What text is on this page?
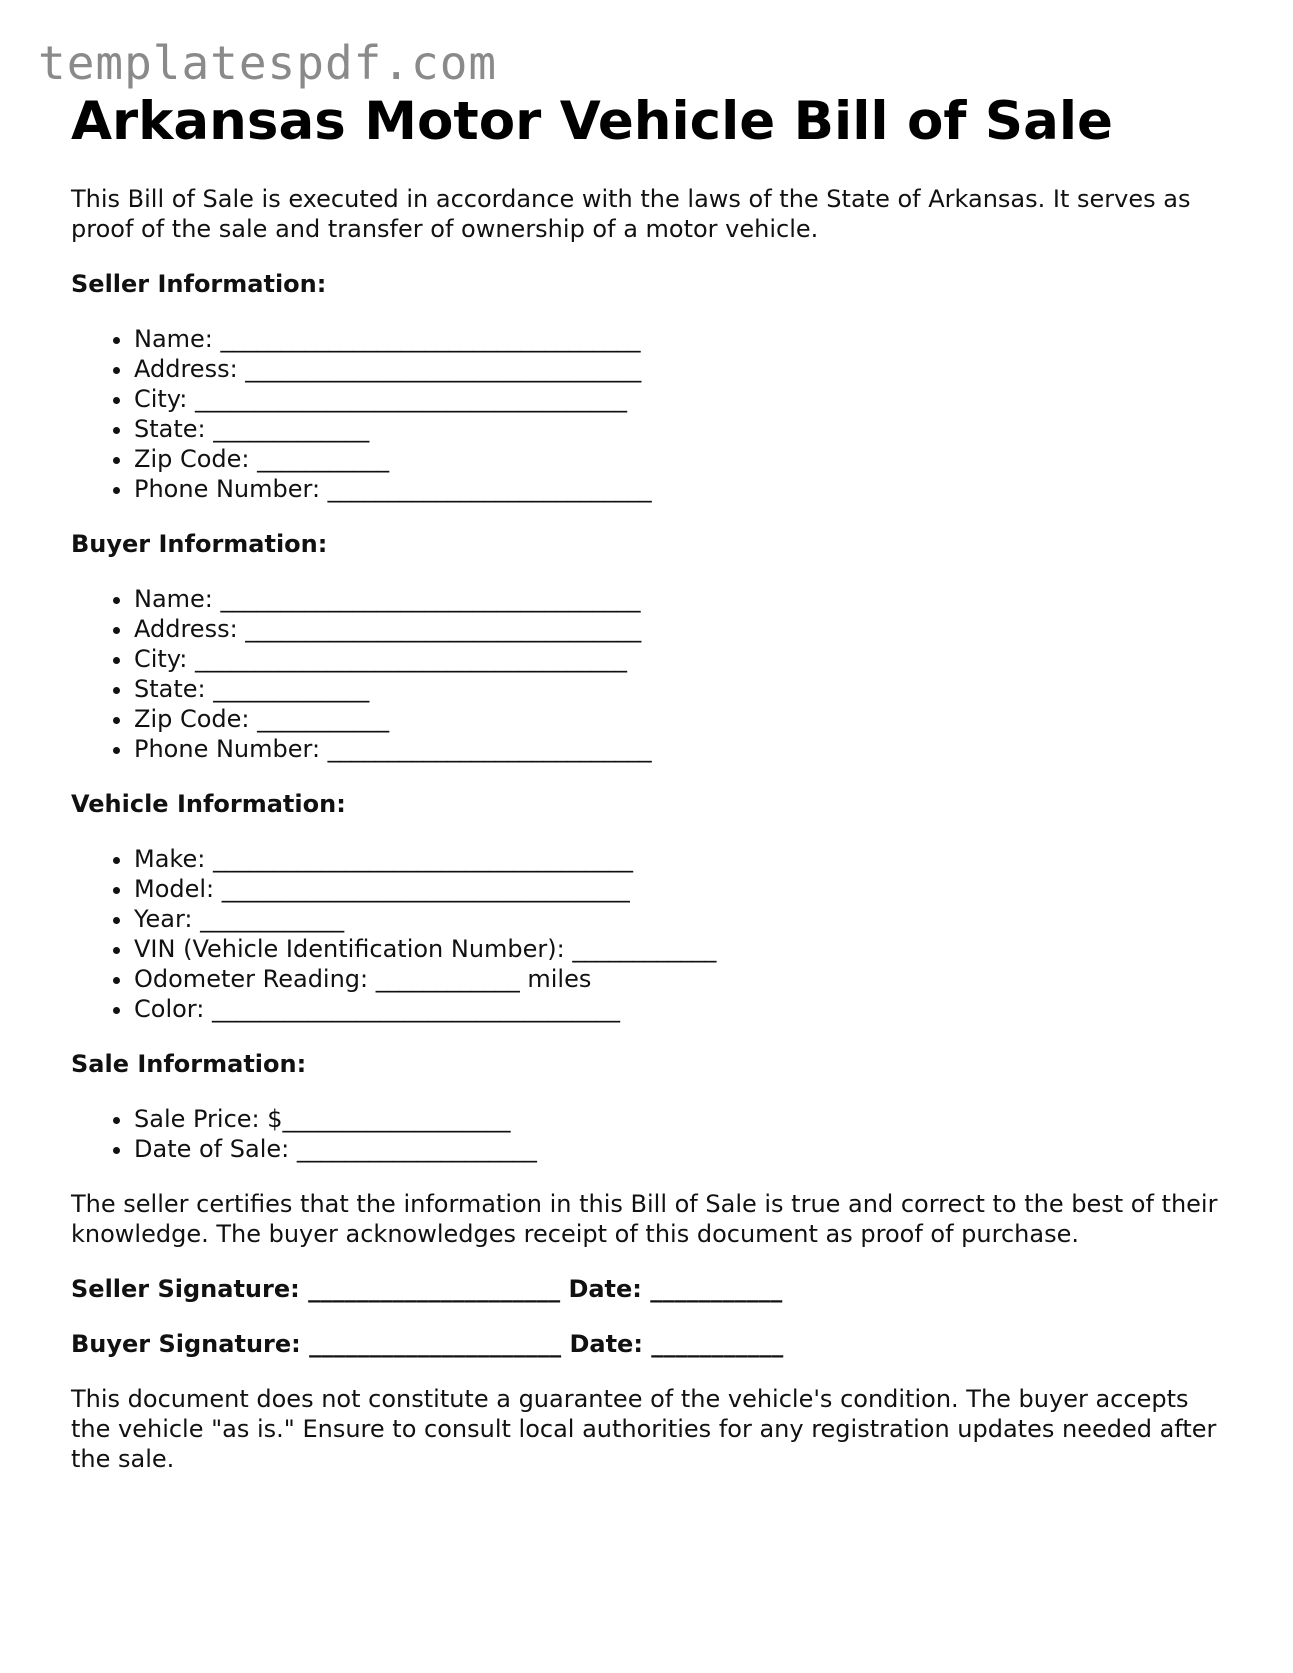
templatespdf.com
Arkansas Motor Vehicle Bill of Sale

This Bill of Sale is executed in accordance with the laws of the State of Arkansas. It serves as proof of the sale and transfer of ownership of a motor vehicle.

Seller Information:
• Name: ___________________________________
• Address: _________________________________
• City: ____________________________________
• State: _____________
• Zip Code: ___________
• Phone Number: ___________________________
Buyer Information:
• Name: ___________________________________
• Address: _________________________________
• City: ____________________________________
• State: _____________
• Zip Code: ___________
• Phone Number: ___________________________
Vehicle Information:
• Make: ___________________________________
• Model: __________________________________
• Year: ____________
• VIN (Vehicle Identification Number): ____________
• Odometer Reading: ____________ miles
• Color: __________________________________
Sale Information:
• Sale Price: $___________________
• Date of Sale: ____________________

The seller certifies that the information in this Bill of Sale is true and correct to the best of their knowledge. The buyer acknowledges receipt of this document as proof of purchase.

Seller Signature: _____________________ Date: ___________
Buyer Signature: _____________________ Date: ___________

This document does not constitute a guarantee of the vehicle's condition. The buyer accepts the vehicle "as is." Ensure to consult local authorities for any registration updates needed after the sale.
